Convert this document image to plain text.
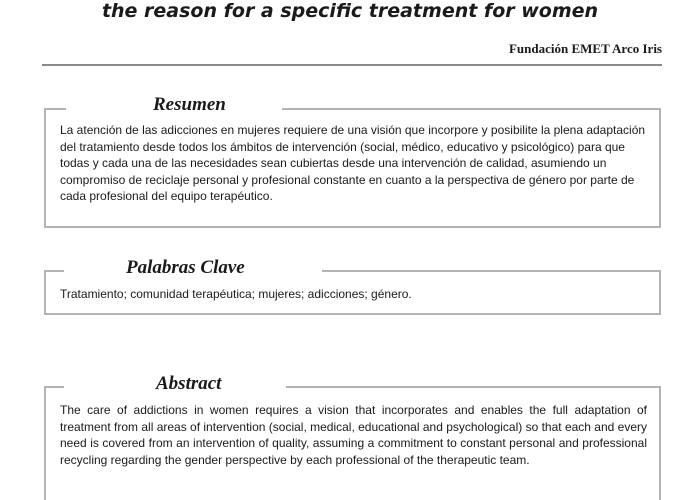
the reason for a specific treatment for women
Fundación EMET Arco Iris
Resumen

La atención de las adicciones en mujeres requiere de una visión que incorpore y posibilite la plena adaptación del tratamiento desde todos los ámbitos de intervención (social, médico, educativo y psicológico) para que todas y cada una de las necesidades sean cubiertas desde una intervención de calidad, asumiendo un compromiso de reciclaje personal y profesional constante en cuanto a la perspectiva de género por parte de cada profesional del equipo terapéutico.

Palabras Clave

Tratamiento; comunidad terapéutica; mujeres; adicciones; género.

Abstract

The care of addictions in women requires a vision that incorporates and enables the full adaptation of treatment from all areas of intervention (social, medical, educational and psychological) so that each and every need is covered from an intervention of quality, assuming a commitment to constant personal and professional recycling regarding the gender perspective by each professional of the therapeutic team.
